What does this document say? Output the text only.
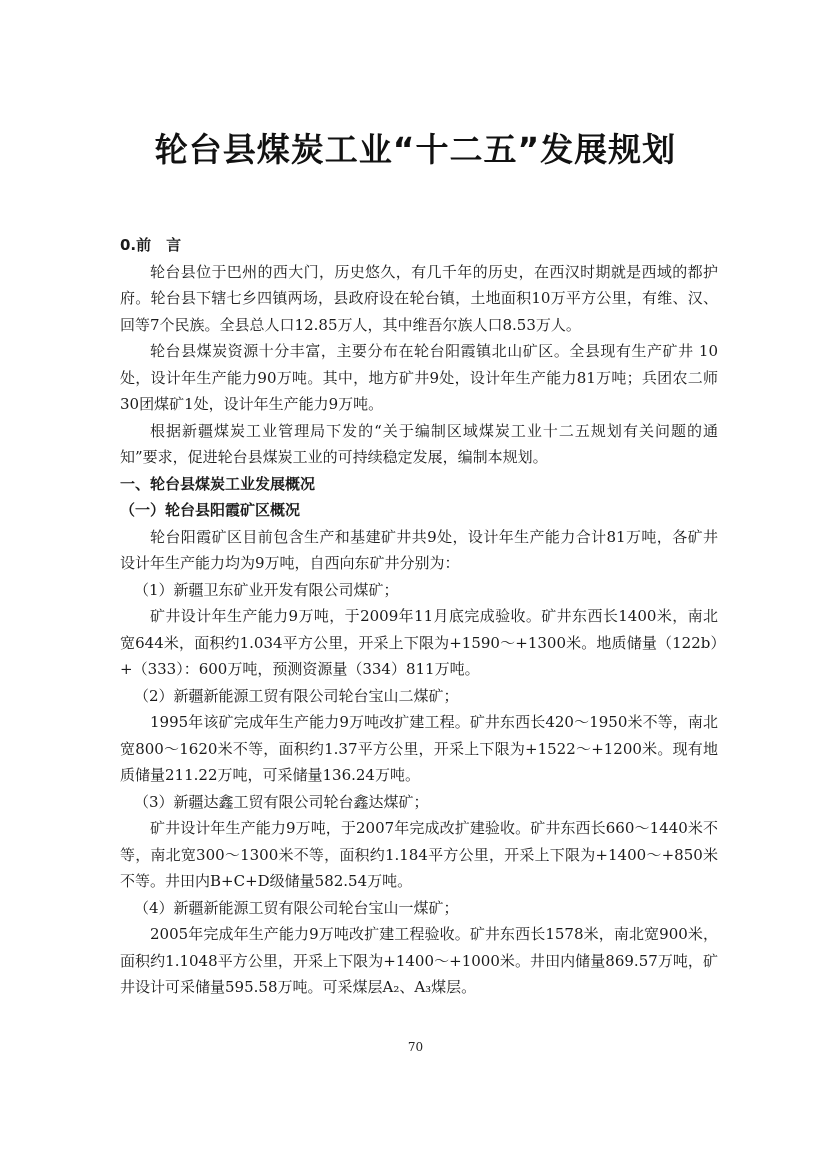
轮台县煤炭工业“十二五”发展规划

0.前　言

轮台县位于巴州的西大门，历史悠久，有几千年的历史，在西汉时期就是西域的都护府。轮台县下辖七乡四镇两场，县政府设在轮台镇，土地面积10万平方公里，有维、汉、回等7个民族。全县总人口12.85万人，其中维吾尔族人口8.53万人。

轮台县煤炭资源十分丰富，主要分布在轮台阳霞镇北山矿区。全县现有生产矿井 10处，设计年生产能力90万吨。其中，地方矿井9处，设计年生产能力81万吨；兵团农二师30团煤矿1处，设计年生产能力9万吨。

根据新疆煤炭工业管理局下发的“关于编制区域煤炭工业十二五规划有关问题的通知”要求，促进轮台县煤炭工业的可持续稳定发展，编制本规划。

一、轮台县煤炭工业发展概况

（一）轮台县阳霞矿区概况

轮台阳霞矿区目前包含生产和基建矿井共9处，设计年生产能力合计81万吨，各矿井设计年生产能力均为9万吨，自西向东矿井分别为：

（1）新疆卫东矿业开发有限公司煤矿；

矿井设计年生产能力9万吨，于2009年11月底完成验收。矿井东西长1400米，南北宽644米，面积约1.034平方公里，开采上下限为+1590～+1300米。地质储量（122b）+（333）：600万吨，预测资源量（334）811万吨。

（2）新疆新能源工贸有限公司轮台宝山二煤矿；

1995年该矿完成年生产能力9万吨改扩建工程。矿井东西长420～1950米不等，南北宽800～1620米不等，面积约1.37平方公里，开采上下限为+1522～+1200米。现有地质储量211.22万吨，可采储量136.24万吨。

（3）新疆达鑫工贸有限公司轮台鑫达煤矿；

矿井设计年生产能力9万吨，于2007年完成改扩建验收。矿井东西长660～1440米不等，南北宽300～1300米不等，面积约1.184平方公里，开采上下限为+1400～+850米不等。井田内B+C+D级储量582.54万吨。

（4）新疆新能源工贸有限公司轮台宝山一煤矿；

2005年完成年生产能力9万吨改扩建工程验收。矿井东西长1578米，南北宽900米，面积约1.1048平方公里，开采上下限为+1400～+1000米。井田内储量869.57万吨，矿井设计可采储量595.58万吨。可采煤层A₂、A₃煤层。

70
